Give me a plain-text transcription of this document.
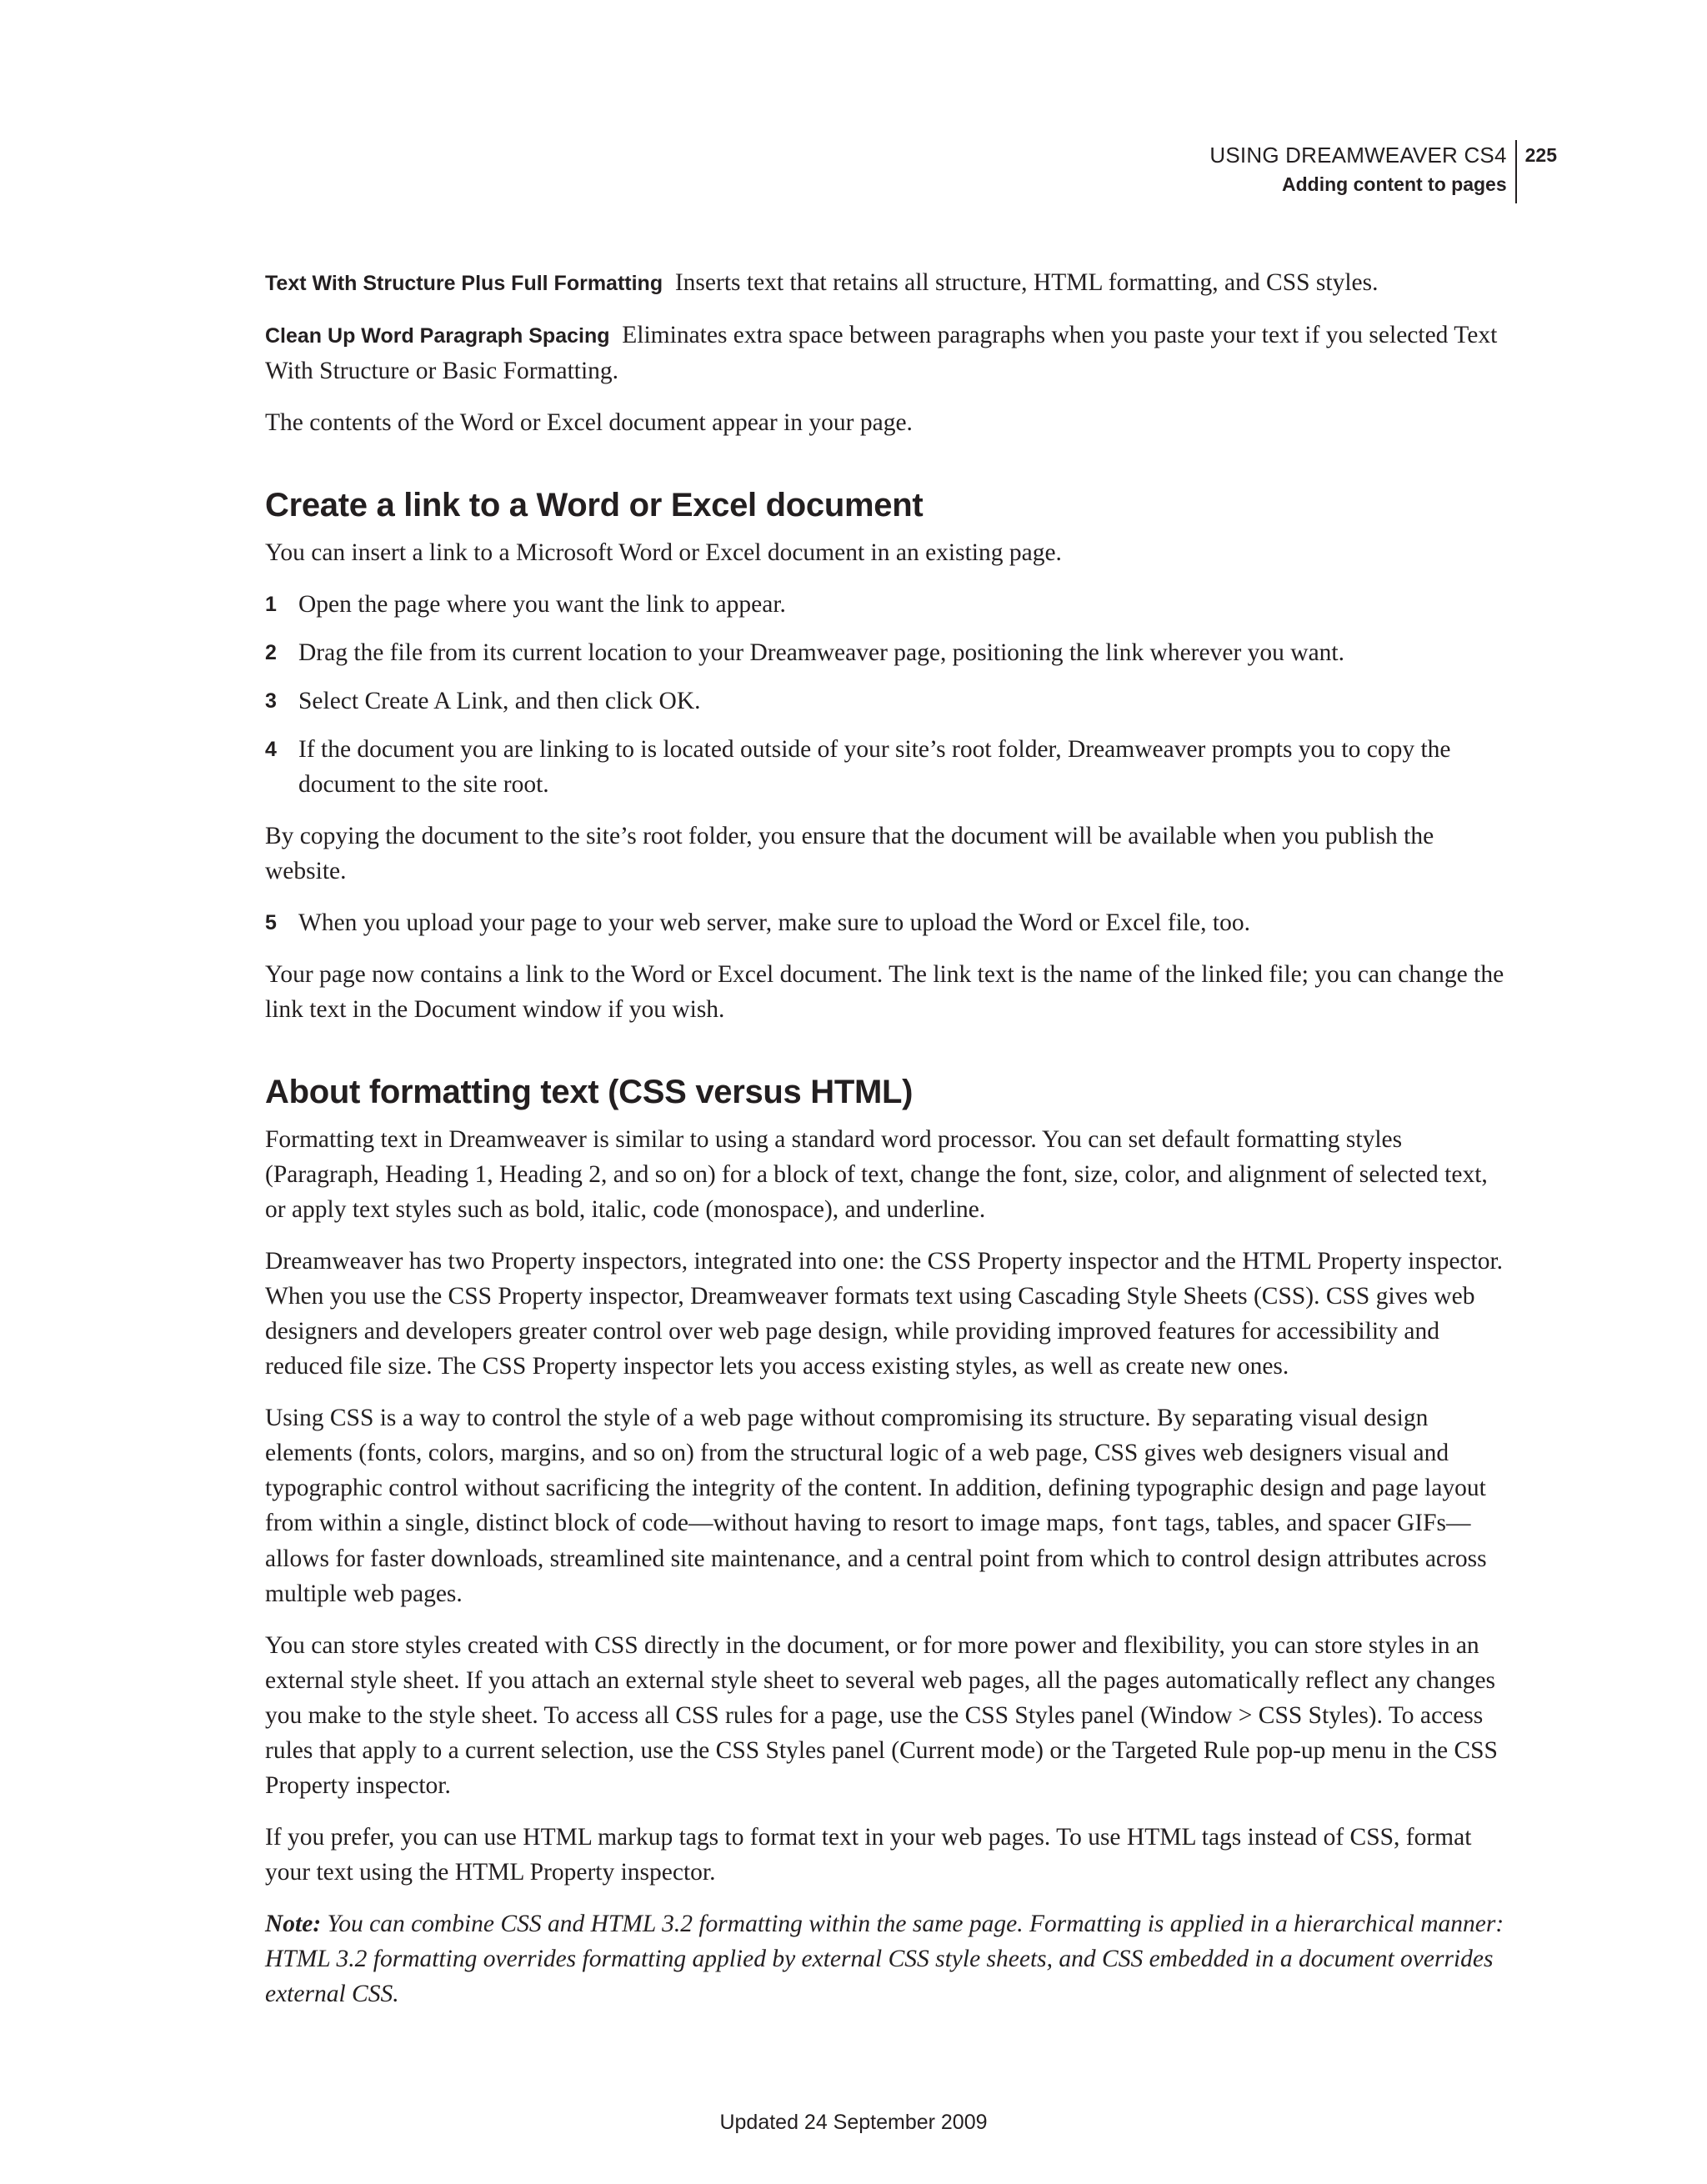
USING DREAMWEAVER CS4
Adding content to pages
225

Text With Structure Plus Full Formatting Inserts text that retains all structure, HTML formatting, and CSS styles.

Clean Up Word Paragraph Spacing Eliminates extra space between paragraphs when you paste your text if you selected Text With Structure or Basic Formatting.

The contents of the Word or Excel document appear in your page.

Create a link to a Word or Excel document

You can insert a link to a Microsoft Word or Excel document in an existing page.

1 Open the page where you want the link to appear.
2 Drag the file from its current location to your Dreamweaver page, positioning the link wherever you want.
3 Select Create A Link, and then click OK.
4 If the document you are linking to is located outside of your site’s root folder, Dreamweaver prompts you to copy the document to the site root.

By copying the document to the site’s root folder, you ensure that the document will be available when you publish the website.

5 When you upload your page to your web server, make sure to upload the Word or Excel file, too.

Your page now contains a link to the Word or Excel document. The link text is the name of the linked file; you can change the link text in the Document window if you wish.

About formatting text (CSS versus HTML)

Formatting text in Dreamweaver is similar to using a standard word processor. You can set default formatting styles (Paragraph, Heading 1, Heading 2, and so on) for a block of text, change the font, size, color, and alignment of selected text, or apply text styles such as bold, italic, code (monospace), and underline.

Dreamweaver has two Property inspectors, integrated into one: the CSS Property inspector and the HTML Property inspector. When you use the CSS Property inspector, Dreamweaver formats text using Cascading Style Sheets (CSS). CSS gives web designers and developers greater control over web page design, while providing improved features for accessibility and reduced file size. The CSS Property inspector lets you access existing styles, as well as create new ones.

Using CSS is a way to control the style of a web page without compromising its structure. By separating visual design elements (fonts, colors, margins, and so on) from the structural logic of a web page, CSS gives web designers visual and typographic control without sacrificing the integrity of the content. In addition, defining typographic design and page layout from within a single, distinct block of code—without having to resort to image maps, font tags, tables, and spacer GIFs—allows for faster downloads, streamlined site maintenance, and a central point from which to control design attributes across multiple web pages.

You can store styles created with CSS directly in the document, or for more power and flexibility, you can store styles in an external style sheet. If you attach an external style sheet to several web pages, all the pages automatically reflect any changes you make to the style sheet. To access all CSS rules for a page, use the CSS Styles panel (Window > CSS Styles). To access rules that apply to a current selection, use the CSS Styles panel (Current mode) or the Targeted Rule pop-up menu in the CSS Property inspector.

If you prefer, you can use HTML markup tags to format text in your web pages. To use HTML tags instead of CSS, format your text using the HTML Property inspector.

Note: You can combine CSS and HTML 3.2 formatting within the same page. Formatting is applied in a hierarchical manner: HTML 3.2 formatting overrides formatting applied by external CSS style sheets, and CSS embedded in a document overrides external CSS.

Updated 24 September 2009
